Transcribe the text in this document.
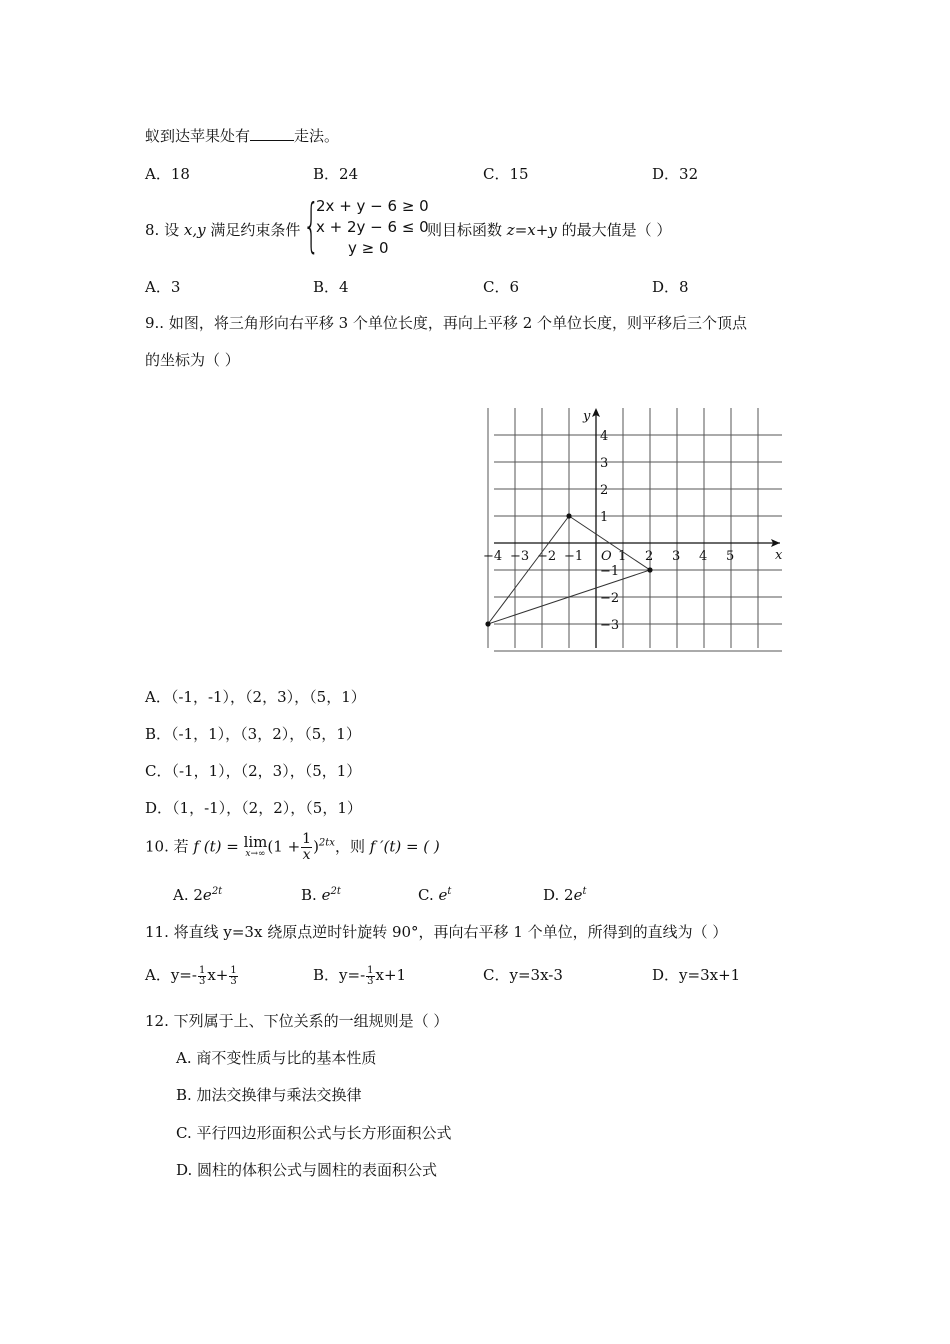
蚁到达苹果处有	走法。
A．18	B．24	C．15	D．32
8. 设 x,y 满足约束条件 {
2x + y − 6 ≥ 0
x + 2y − 6 ≤ 0
y ≥ 0
则目标函数 z=x+y 的最大值是（ ）
A．3	B．4	C．6	D．8
9.. 如图，将三角形向右平移 3 个单位长度，再向上平移 2 个单位长度，则平移后三个顶点
的坐标为（ ）
−4 −3 −2 −1	1 2 3 4 5
4
3
2
1
−1
−2
−3
O	x
y
A．（-1，-1），（2，3），（5，1）
B．（-1，1），（3，2），（5，1）
C．（-1，1），（2，3），（5，1）
D．（1，-1），（2，2），（5，1）
10. 若 f (t) = lim
x→∞ $(1 + \frac{1}{x} )^{2tx}$，则 f ′(t) = ( )
A. $2e^{2t}$	B. $e^{2t}$	C. $e^t$	D. $2e^t$
11. 将直线 y=3x 绕原点逆时针旋转 90°，再向右平移 1 个单位，所得到的直线为（ ）
A．$y=- \frac{1}{3} x+ \frac{1}{3}$	B．$y=- \frac{1}{3} x+1$	C．y=3x-3	D．y=3x+1
12. 下列属于上、下位关系的一组规则是（ ）
A. 商不变性质与比的基本性质
B. 加法交换律与乘法交换律
C. 平行四边形面积公式与长方形面积公式
D. 圆柱的体积公式与圆柱的表面积公式
